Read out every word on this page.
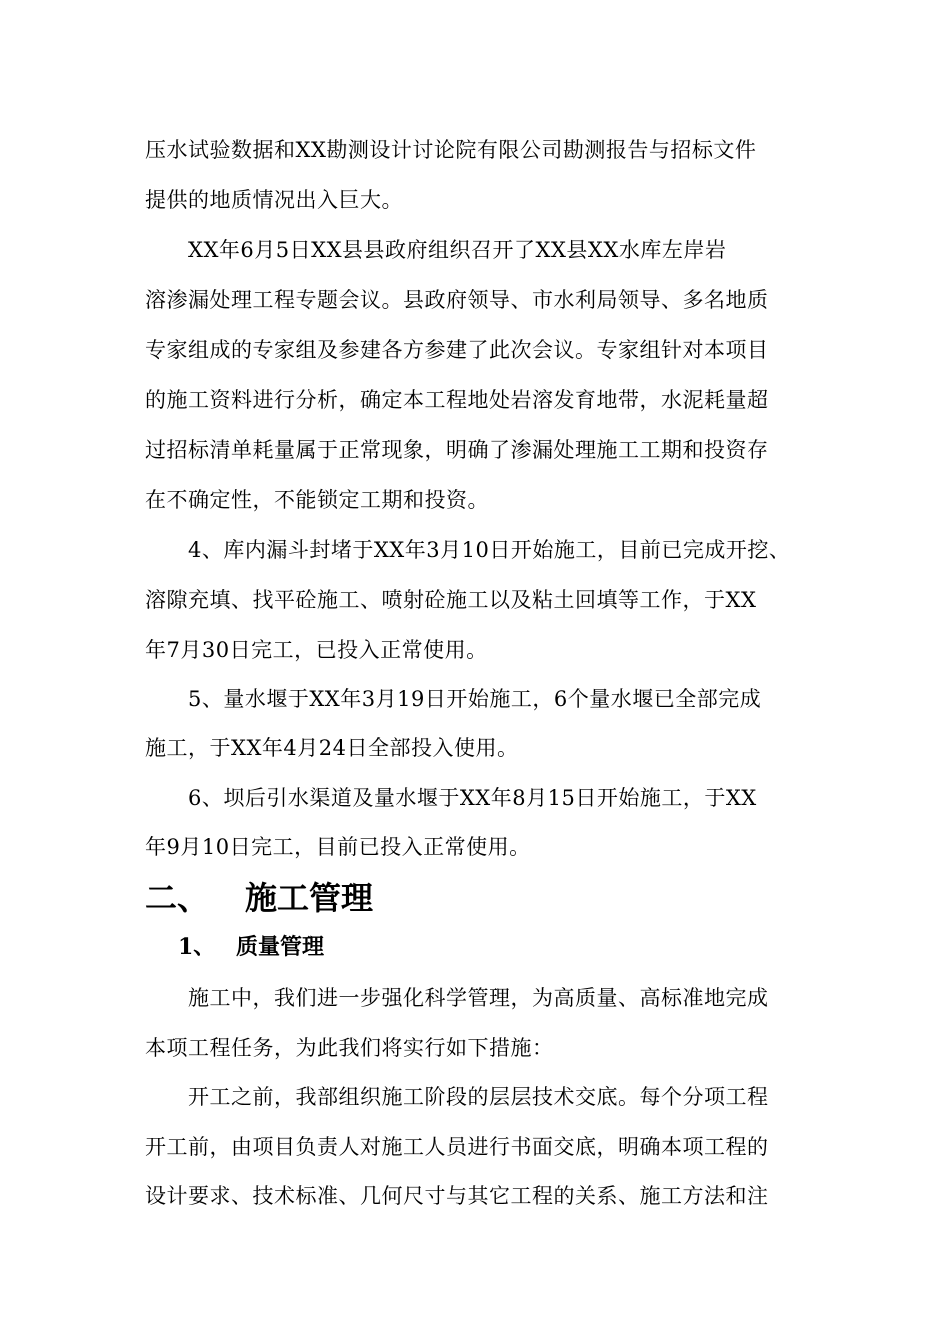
压水试验数据和XX勘测设计讨论院有限公司勘测报告与招标文件
提供的地质情况出入巨大。
XX年6月5日XX县县政府组织召开了XX县XX水库左岸岩
溶渗漏处理工程专题会议。县政府领导、市水利局领导、多名地质
专家组成的专家组及参建各方参建了此次会议。专家组针对本项目
的施工资料进行分析，确定本工程地处岩溶发育地带，水泥耗量超
过招标清单耗量属于正常现象，明确了渗漏处理施工工期和投资存
在不确定性，不能锁定工期和投资。
4、库内漏斗封堵于XX年3月10日开始施工，目前已完成开挖、
溶隙充填、找平砼施工、喷射砼施工以及粘土回填等工作，于XX
年7月30日完工，已投入正常使用。
5、量水堰于XX年3月19日开始施工，6个量水堰已全部完成
施工，于XX年4月24日全部投入使用。
6、坝后引水渠道及量水堰于XX年8月15日开始施工，于XX
年9月10日完工，目前已投入正常使用。
二、 施工管理
1、 质量管理
施工中，我们进一步强化科学管理，为高质量、高标准地完成
本项工程任务，为此我们将实行如下措施：
开工之前，我部组织施工阶段的层层技术交底。每个分项工程
开工前，由项目负责人对施工人员进行书面交底，明确本项工程的
设计要求、技术标准、几何尺寸与其它工程的关系、施工方法和注
